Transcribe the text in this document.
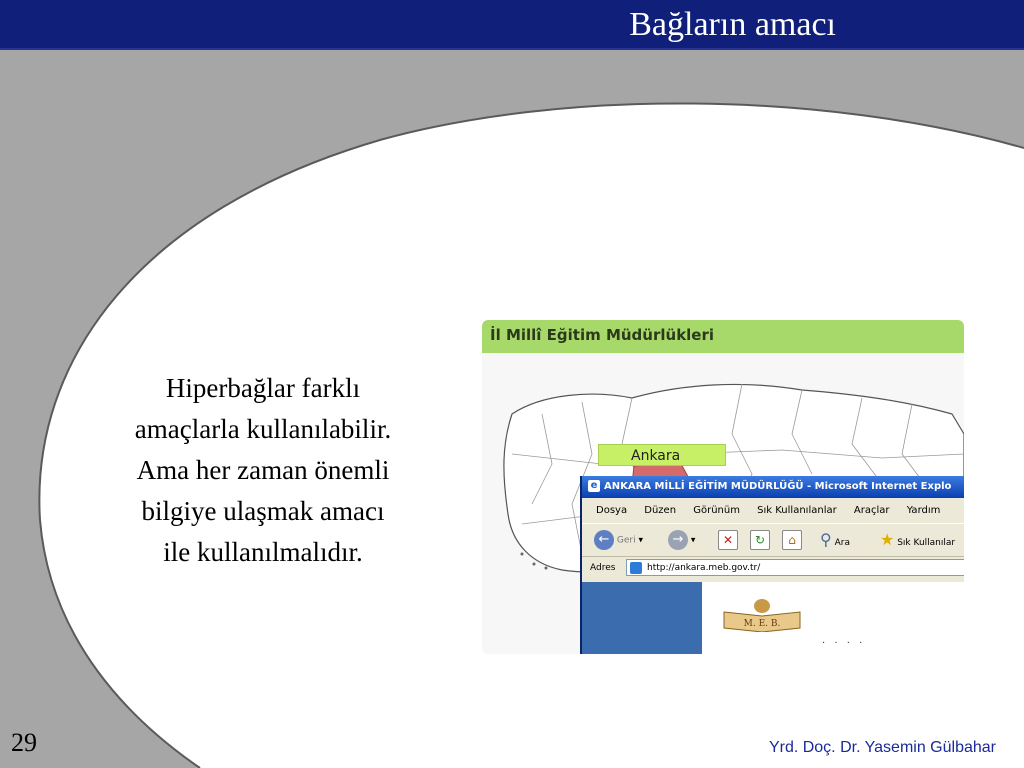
Bağların amacı
Hiperbağlar farklı
amaçlarla kullanılabilir.
Ama her zaman önemli
bilgiye ulaşmak amacı
ile kullanılmalıdır.
İl Millî Eğitim Müdürlükleri
Ankara
e ANKARA MİLLİ EĞİTİM MÜDÜRLÜĞÜ - Microsoft Internet Explo
Dosya Düzen Görünüm Sık Kullanılanlar Araçlar Yardım
← Geri ▾	→ ▾	✕	↻	⌂	⚲ Ara ★ Sık Kullanılar
Adres	http://ankara.meb.gov.tr/
M. E. B.
· · · ·
29	Yrd. Doç. Dr. Yasemin Gülbahar
